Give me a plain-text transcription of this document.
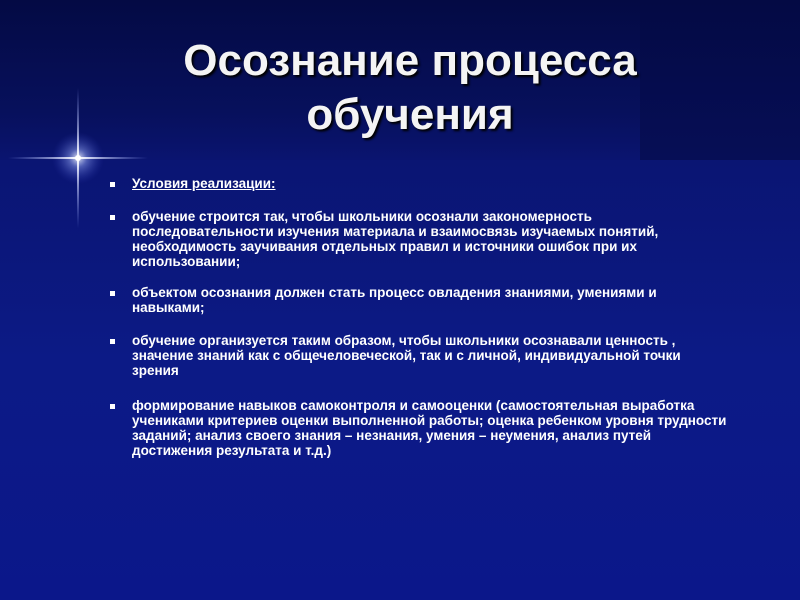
Осознание процесса
обучения
Условия реализации:
обучение строится так, чтобы школьники осознали закономерность последовательности изучения материала и взаимосвязь изучаемых понятий, необходимость заучивания отдельных правил и источники ошибок при их использовании;
объектом осознания должен стать процесс овладения знаниями, умениями и навыками;
обучение организуется таким образом, чтобы школьники осознавали ценность , значение знаний как с общечеловеческой, так и с личной, индивидуальной точки зрения
формирование навыков самоконтроля и самооценки (самостоятельная выработка учениками критериев оценки выполненной работы; оценка ребенком уровня трудности заданий; анализ своего знания – незнания, умения – неумения, анализ путей достижения результата и т.д.)
